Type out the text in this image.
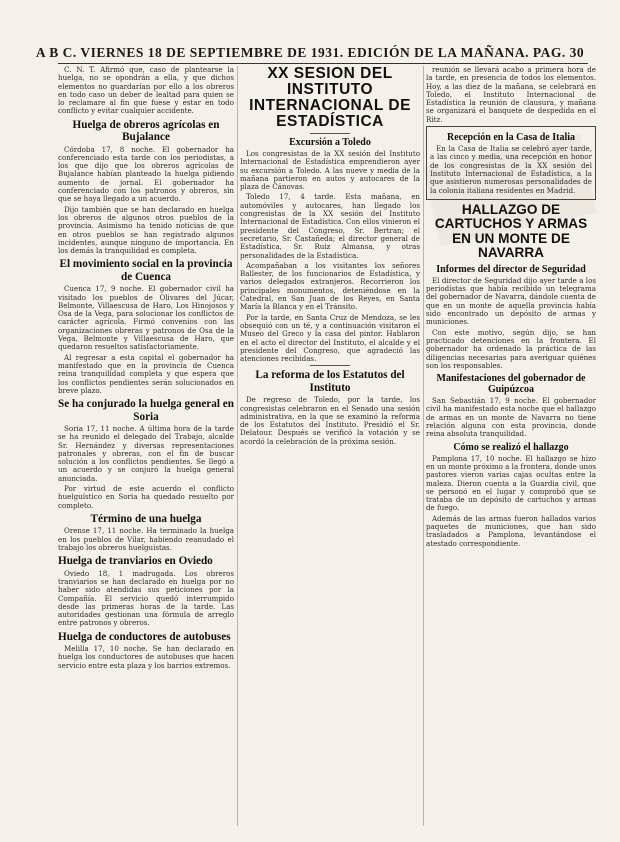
A B C. VIERNES 18 DE SEPTIEMBRE DE 1931. EDICIÓN DE LA MAÑANA. PAG. 30

C. N. T. Afirmó que, caso de plantearse la huelga, no se opondrán a ella, y que dichos elementos no guardarían por ello a los obreros en todo caso un deber de lealtad para quien se lo reclamare al fin que fuese y estar en todo conflicto y evitar cualquier accidente.

Huelga de obreros agrícolas en Bujalance

Córdoba 17, 8 noche. El gobernador ha conferenciado esta tarde con los periodistas, a los que dijo que los obreros agrícolas de Bujalance habían planteado la huelga pidiendo aumento de jornal. El gobernador ha conferenciado con los patronos y obreros, sin que se haya llegado a un acuerdo.

Dijo también que se han declarado en huelga los obreros de algunos otros pueblos de la provincia. Asimismo ha tenido noticias de que en otros pueblos se han registrado algunos incidentes, aunque ninguno de importancia. En los demás la tranquilidad es completa.

El movimiento social en la provincia de Cuenca

Cuenca 17, 9 noche. El gobernador civil ha visitado los pueblos de Olivares del Júcar, Belmonte, Villaescusa de Haro, Los Hinojosos y Osa de la Vega, para solucionar los conflictos de carácter agrícola. Firmó convenios con las organizaciones obreras y patronos de Osa de la Vega, Belmonte y Villaescusa de Haro, que quedaron resueltos satisfactoriamente.

Al regresar a esta capital el gobernador ha manifestado que en la provincia de Cuenca reina tranquilidad completa y que espera que los conflictos pendientes serán solucionados en breve plazo.

Se ha conjurado la huelga general en Soria

Soria 17, 11 noche. A última hora de la tarde se ha reunido el delegado del Trabajo, alcalde Sr. Hernández y diversas representaciones patronales y obreras, con el fin de buscar solución a los conflictos pendientes. Se llegó a un acuerdo y se conjuró la huelga general anunciada.

Por virtud de este acuerdo el conflicto huelguístico en Soria ha quedado resuelto por completo.

Término de una huelga

Orense 17, 11 noche. Ha terminado la huelga en los pueblos de Vilar, habiendo reanudado el trabajo los obreros huelguistas.

Huelga de tranviarios en Oviedo

Oviedo 18, 1 madrugada. Los obreros tranviarios se han declarado en huelga por no haber sido atendidas sus peticiones por la Compañía. El servicio quedó interrumpido desde las primeras horas de la tarde. Las autoridades gestionan una fórmula de arreglo entre patronos y obreros.

Huelga de conductores de autobuses

Melilla 17, 10 noche. Se han declarado en huelga los conductores de autobuses que hacen servicio entre esta plaza y los barrios extremos.

XX SESIÓN DEL INSTITUTO INTERNACIONAL DE ESTADÍSTICA
Excursión a Toledo

Los congresistas de la XX sesión del Instituto Internacional de Estadística emprendieron ayer su excursión a Toledo. A las nueve y media de la mañana partieron en autos y autocares de la plaza de Cánovas.

Toledo 17, 4 tarde. Esta mañana, en automóviles y autocares, han llegado los congresistas de la XX sesión del Instituto Internacional de Estadística. Con ellos vinieron el presidente del Congreso, Sr. Bertran; el secretario, Sr. Castañeda; el director general de Estadística, Sr. Ruiz Almansa, y otras personalidades de la Estadística.

Acompañaban a los visitantes los señores Ballester, de los funcionarios de Estadística, y varios delegados extranjeros. Recorrieron los principales monumentos, deteniéndose en la Catedral, en San Juan de los Reyes, en Santa María la Blanca y en el Tránsito.

Por la tarde, en Santa Cruz de Mendoza, se les obsequió con un té, y a continuación visitaron el Museo del Greco y la casa del pintor. Hablaron en el acto el director del Instituto, el alcalde y el presidente del Congreso, que agradeció las atenciones recibidas.

La reforma de los Estatutos del Instituto

De regreso de Toledo, por la tarde, los congresistas celebraron en el Senado una sesión administrativa, en la que se examinó la reforma de los Estatutos del Instituto. Presidió el Sr. Delatour. Después se verificó la votación y se acordó la celebración de la próxima sesión.

reunión se llevará acabo a primera hora de la tarde, en presencia de todos los elementos. Hoy, a las diez de la mañana, se celebrará en Toledo, el Instituto Internacional de Estadística la reunión de clausura, y mañana se organizará el banquete de despedida en el Ritz.

Recepción en la Casa de Italia

En la Casa de Italia se celebró ayer tarde, a las cinco y media, una recepción en honor de los congresistas de la XX sesión del Instituto Internacional de Estadística, a la que asistieron numerosas personalidades de la colonia italiana residentes en Madrid.

HALLAZGO DE CARTUCHOS Y ARMAS EN UN MONTE DE NAVARRA
Informes del director de Seguridad

El director de Seguridad dijo ayer tarde a los periodistas que había recibido un telegrama del gobernador de Navarra, dándole cuenta de que en un monte de aquella provincia había sido encontrado un depósito de armas y municiones.

Con este motivo, según dijo, se han practicado detenciones en la frontera. El gobernador ha ordenado la práctica de las diligencias necesarias para averiguar quiénes son los responsables.

Manifestaciones del gobernador de Guipúzcoa

San Sebastián 17, 9 noche. El gobernador civil ha manifestado esta noche que el hallazgo de armas en un monte de Navarra no tiene relación alguna con esta provincia, donde reina absoluta tranquilidad.

Cómo se realizó el hallazgo

Pamplona 17, 10 noche. El hallazgo se hizo en un monte próximo a la frontera, donde unos pastores vieron varias cajas ocultas entre la maleza. Dieron cuenta a la Guardia civil, que se personó en el lugar y comprobó que se trataba de un depósito de cartuchos y armas de fuego.

Además de las armas fueron hallados varios paquetes de municiones, que han sido trasladados a Pamplona, levantándose el atestado correspondiente.
